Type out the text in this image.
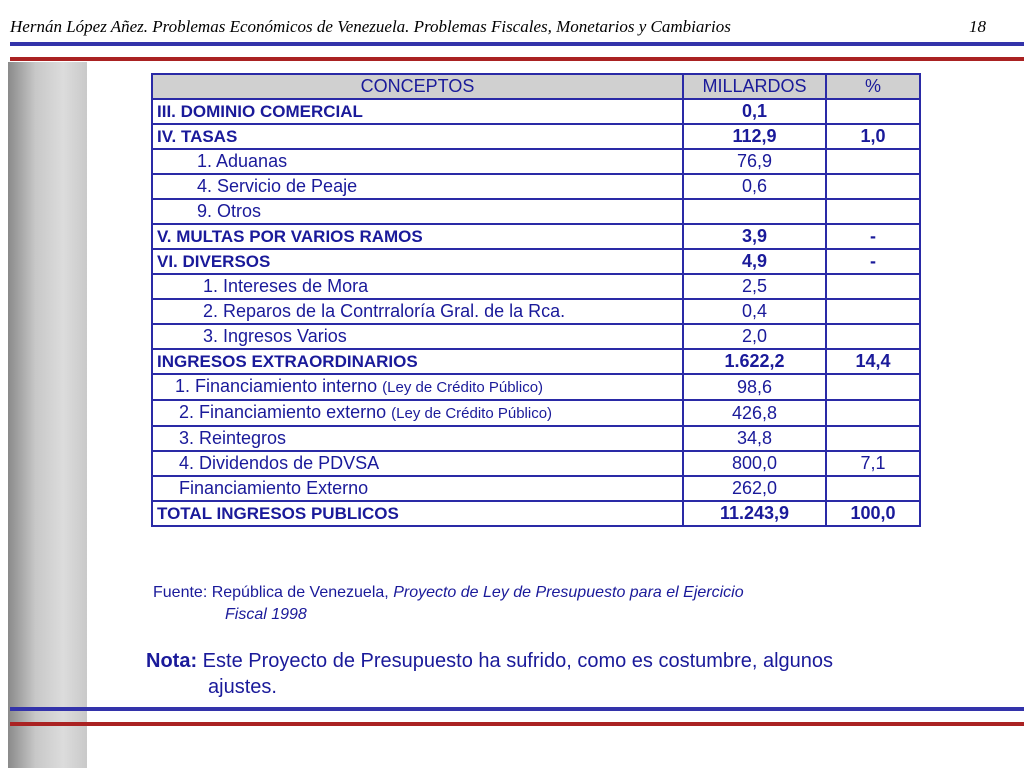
Hernán López Añez. Problemas Económicos de Venezuela. Problemas Fiscales, Monetarios y Cambiarios	18
CONCEPTOS	MILLARDOS	%
III. DOMINIO COMERCIAL	0,1	
IV. TASAS	112,9	1,0
1. Aduanas	76,9	
4. Servicio de Peaje	0,6	
9. Otros		
V. MULTAS POR VARIOS RAMOS	3,9	-
VI. DIVERSOS	4,9	-
1. Intereses de Mora	2,5	
2. Reparos de la Contrraloría Gral. de la Rca.	0,4	
3. Ingresos Varios	2,0	
INGRESOS EXTRAORDINARIOS	1.622,2	14,4
1. Financiamiento interno (Ley de Crédito Público)	98,6	
2. Financiamiento externo (Ley de Crédito Público)	426,8	
3. Reintegros	34,8	
4. Dividendos de PDVSA	800,0	7,1
Financiamiento Externo	262,0	
TOTAL INGRESOS PUBLICOS	11.243,9	100,0
Fuente: República de Venezuela, Proyecto de Ley de Presupuesto para el Ejercicio
Fiscal 1998
Nota: Este Proyecto de Presupuesto ha sufrido, como es costumbre, algunos
ajustes.
